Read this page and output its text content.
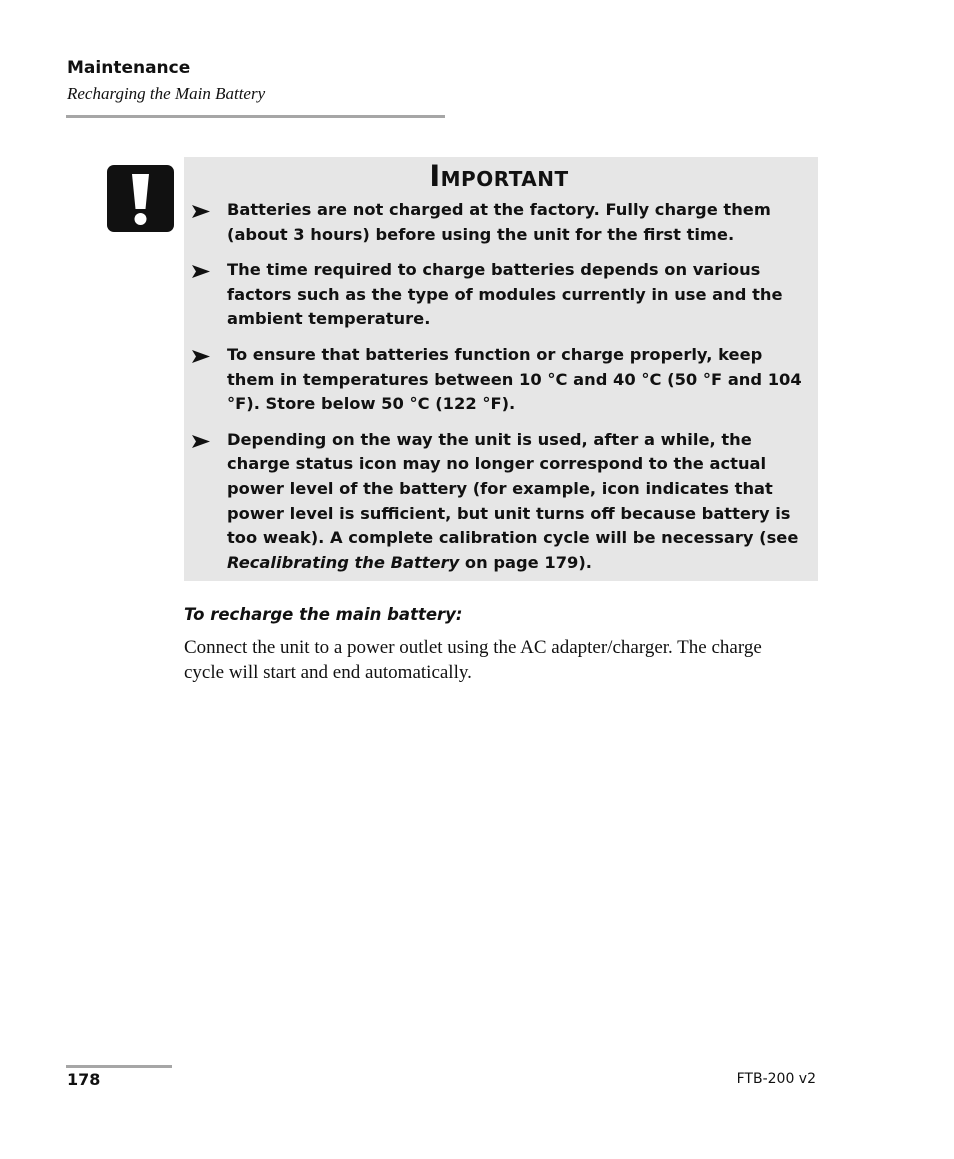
Maintenance
Recharging the Main Battery
Important
Batteries are not charged at the factory. Fully charge them (about 3 hours) before using the unit for the first time.
The time required to charge batteries depends on various factors such as the type of modules currently in use and the ambient temperature.
To ensure that batteries function or charge properly, keep them in temperatures between 10 °C and 40 °C (50 °F and 104 °F). Store below 50 °C (122 °F).
Depending on the way the unit is used, after a while, the charge status icon may no longer correspond to the actual power level of the battery (for example, icon indicates that power level is sufficient, but unit turns off because battery is too weak). A complete calibration cycle will be necessary (see Recalibrating the Battery on page 179).
To recharge the main battery:
Connect the unit to a power outlet using the AC adapter/charger. The charge cycle will start and end automatically.
178	FTB-200 v2
